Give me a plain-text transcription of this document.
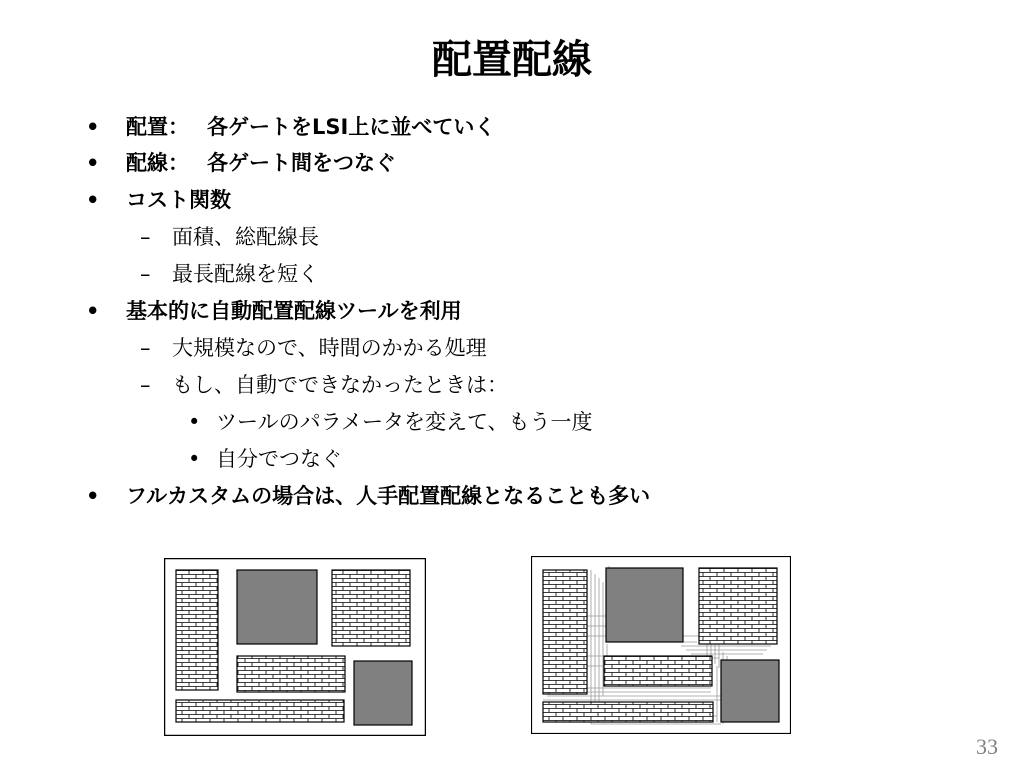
配置配線
• 配置： 各ゲートをLSI上に並べていく
• 配線： 各ゲート間をつなぐ
• コスト関数
– 面積、総配線長
– 最長配線を短く
• 基本的に自動配置配線ツールを利用
– 大規模なので、時間のかかる処理
– もし、自動でできなかったときは：
• ツールのパラメータを変えて、もう一度
• 自分でつなぐ
• フルカスタムの場合は、人手配置配線となることも多い
33
